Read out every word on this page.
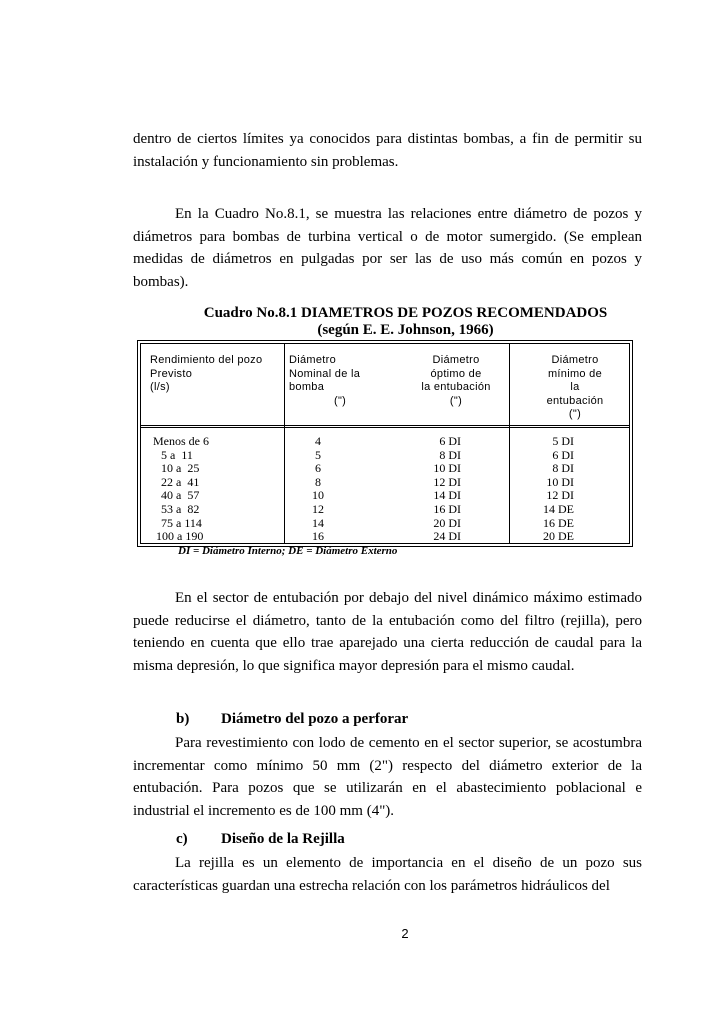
dentro de ciertos límites ya conocidos para distintas bombas, a fin de permitir su instalación y funcionamiento sin problemas.
En la Cuadro No.8.1, se muestra las relaciones entre diámetro de pozos y diámetros para bombas de turbina vertical o de motor sumergido. (Se emplean medidas de diámetros en pulgadas por ser las de uso más común en pozos y bombas).
Cuadro No.8.1 DIAMETROS DE POZOS RECOMENDADOS
(según E. E. Johnson, 1966)
Rendimiento del pozo
Previsto
(l/s)
Diámetro
Nominal de la
bomba
(")
Diámetro
óptimo de
la entubación
(")
Diámetro
mínimo de
la
entubación
(")
Menos de 6
5 a  11
10 a  25
22 a  41
40 a  57
53 a  82
75 a 114
100 a 190
4
5
6
8
10
12
14
16
6 DI
8 DI
10 DI
12 DI
14 DI
16 DI
20 DI
24 DI
5 DI
6 DI
8 DI
10 DI
12 DI
14 DE
16 DE
20 DE
DI = Diámetro Interno; DE = Diámetro Externo
En el sector de entubación por debajo del nivel dinámico máximo estimado puede reducirse el diámetro, tanto de la entubación como del filtro (rejilla), pero teniendo en cuenta que ello trae aparejado una cierta reducción de caudal para la misma depresión, lo que significa mayor depresión para el mismo caudal.
b) Diámetro del pozo a perforar
Para revestimiento con lodo de cemento en el sector superior, se acostumbra incrementar como mínimo 50 mm (2") respecto del diámetro exterior de la entubación. Para pozos que se utilizarán en el abastecimiento poblacional e industrial el incremento es de 100 mm (4").
c) Diseño de la Rejilla
La rejilla es un elemento de importancia en el diseño de un pozo sus características guardan una estrecha relación con los parámetros hidráulicos del
2
